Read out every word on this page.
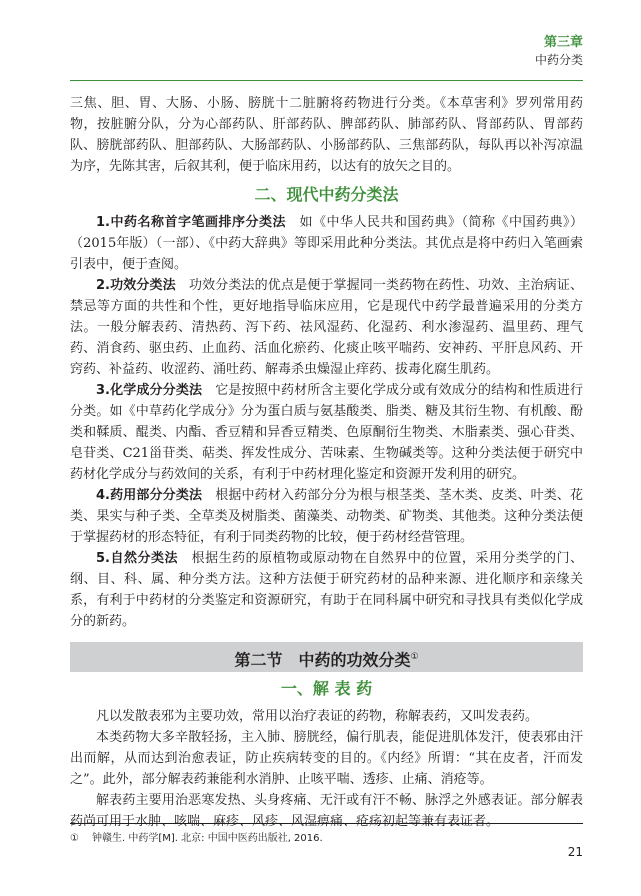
第三章
中药分类

三焦、胆、胃、大肠、小肠、膀胱十二脏腑将药物进行分类。《本草害利》罗列常用药物，按脏腑分队，分为心部药队、肝部药队、脾部药队、肺部药队、肾部药队、胃部药队、膀胱部药队、胆部药队、大肠部药队、小肠部药队、三焦部药队，每队再以补泻凉温为序，先陈其害，后叙其利，便于临床用药，以达有的放矢之目的。

二、现代中药分类法

1.中药名称首字笔画排序分类法　如《中华人民共和国药典》（简称《中国药典》）（2015年版）（一部）、《中药大辞典》等即采用此种分类法。其优点是将中药归入笔画索引表中，便于查阅。

2.功效分类法　功效分类法的优点是便于掌握同一类药物在药性、功效、主治病证、禁忌等方面的共性和个性，更好地指导临床应用，它是现代中药学最普遍采用的分类方法。一般分解表药、清热药、泻下药、祛风湿药、化湿药、利水渗湿药、温里药、理气药、消食药、驱虫药、止血药、活血化瘀药、化痰止咳平喘药、安神药、平肝息风药、开窍药、补益药、收涩药、涌吐药、解毒杀虫燥湿止痒药、拔毒化腐生肌药。

3.化学成分分类法　它是按照中药材所含主要化学成分或有效成分的结构和性质进行分类。如《中草药化学成分》分为蛋白质与氨基酸类、脂类、糖及其衍生物、有机酸、酚类和鞣质、醌类、内酯、香豆精和异香豆精类、色原酮衍生物类、木脂素类、强心苷类、皂苷类、C21甾苷类、萜类、挥发性成分、苦味素、生物碱类等。这种分类法便于研究中药材化学成分与药效间的关系，有利于中药材理化鉴定和资源开发利用的研究。

4.药用部分分类法　根据中药材入药部分分为根与根茎类、茎木类、皮类、叶类、花类、果实与种子类、全草类及树脂类、菌藻类、动物类、矿物类、其他类。这种分类法便于掌握药材的形态特征，有利于同类药物的比较，便于药材经营管理。

5.自然分类法　根据生药的原植物或原动物在自然界中的位置，采用分类学的门、纲、目、科、属、种分类方法。这种方法便于研究药材的品种来源、进化顺序和亲缘关系，有利于中药材的分类鉴定和资源研究，有助于在同科属中研究和寻找具有类似化学成分的新药。

第二节　中药的功效分类①
一、解 表 药

凡以发散表邪为主要功效，常用以治疗表证的药物，称解表药，又叫发表药。

本类药物大多辛散轻扬，主入肺、膀胱经，偏行肌表，能促进肌体发汗，使表邪由汗出而解，从而达到治愈表证，防止疾病转变的目的。《内经》所谓：“其在皮者，汗而发之”。此外，部分解表药兼能利水消肿、止咳平喘、透疹、止痛、消疮等。

解表药主要用治恶寒发热、头身疼痛、无汗或有汗不畅、脉浮之外感表证。部分解表药尚可用于水肿、咳喘、麻疹、风疹、风湿痹痛、疮疡初起等兼有表证者。

① 钟赣生. 中药学[M]. 北京: 中国中医药出版社, 2016.
21
